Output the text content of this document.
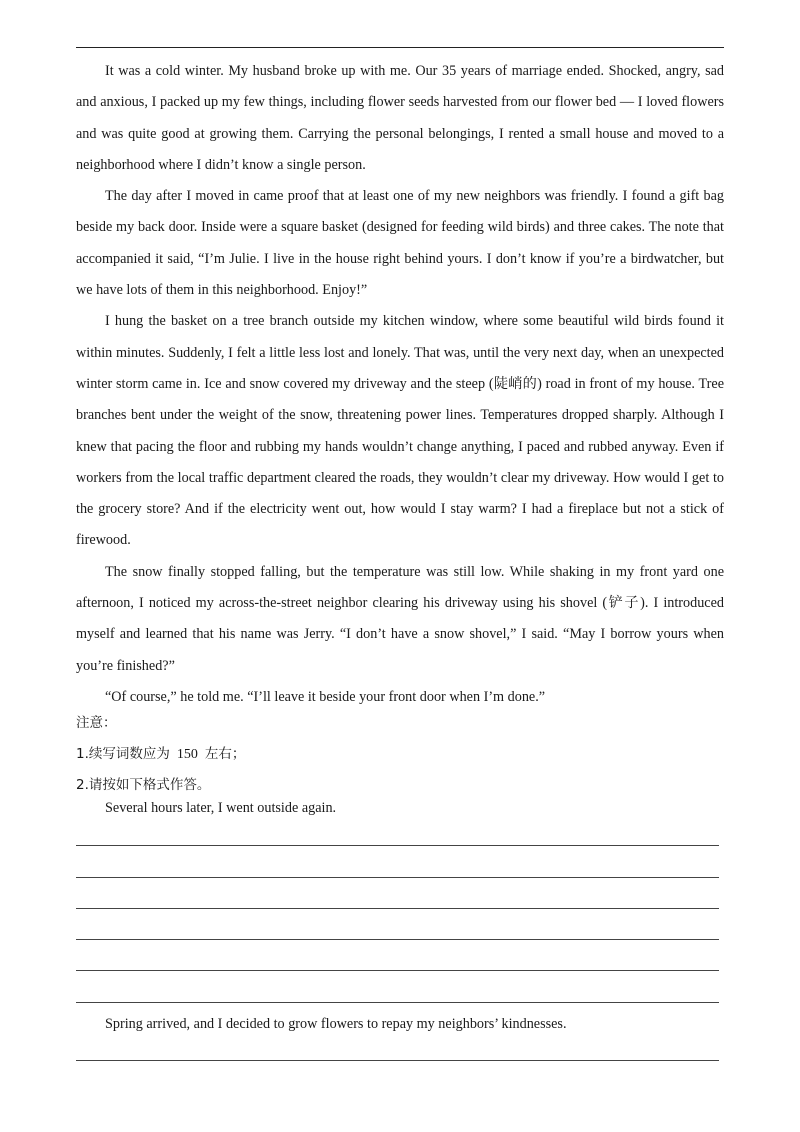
It was a cold winter. My husband broke up with me. Our 35 years of marriage ended. Shocked, angry, sad and anxious, I packed up my few things, including flower seeds harvested from our flower bed — I loved flowers and was quite good at growing them. Carrying the personal belongings, I rented a small house and moved to a neighborhood where I didn’t know a single person.

The day after I moved in came proof that at least one of my new neighbors was friendly. I found a gift bag beside my back door. Inside were a square basket (designed for feeding wild birds) and three cakes. The note that accompanied it said, “I’m Julie. I live in the house right behind yours. I don’t know if you’re a birdwatcher, but we have lots of them in this neighborhood. Enjoy!”

I hung the basket on a tree branch outside my kitchen window, where some beautiful wild birds found it within minutes. Suddenly, I felt a little less lost and lonely. That was, until the very next day, when an unexpected winter storm came in. Ice and snow covered my driveway and the steep (陡峭的) road in front of my house. Tree branches bent under the weight of the snow, threatening power lines. Temperatures dropped sharply. Although I knew that pacing the floor and rubbing my hands wouldn’t change anything, I paced and rubbed anyway. Even if workers from the local traffic department cleared the roads, they wouldn’t clear my driveway. How would I get to the grocery store? And if the electricity went out, how would I stay warm? I had a fireplace but not a stick of firewood.

The snow finally stopped falling, but the temperature was still low. While shaking in my front yard one afternoon, I noticed my across-the-street neighbor clearing his driveway using his shovel (铲子). I introduced myself and learned that his name was Jerry. “I don’t have a snow shovel,” I said. “May I borrow yours when you’re finished?”

“Of course,” he told me. “I’ll leave it beside your front door when I’m done.”

注意：
1.续写词数应为 150 左右；
2.请按如下格式作答。
Several hours later, I went outside again.
Spring arrived, and I decided to grow flowers to repay my neighbors’ kindnesses.
